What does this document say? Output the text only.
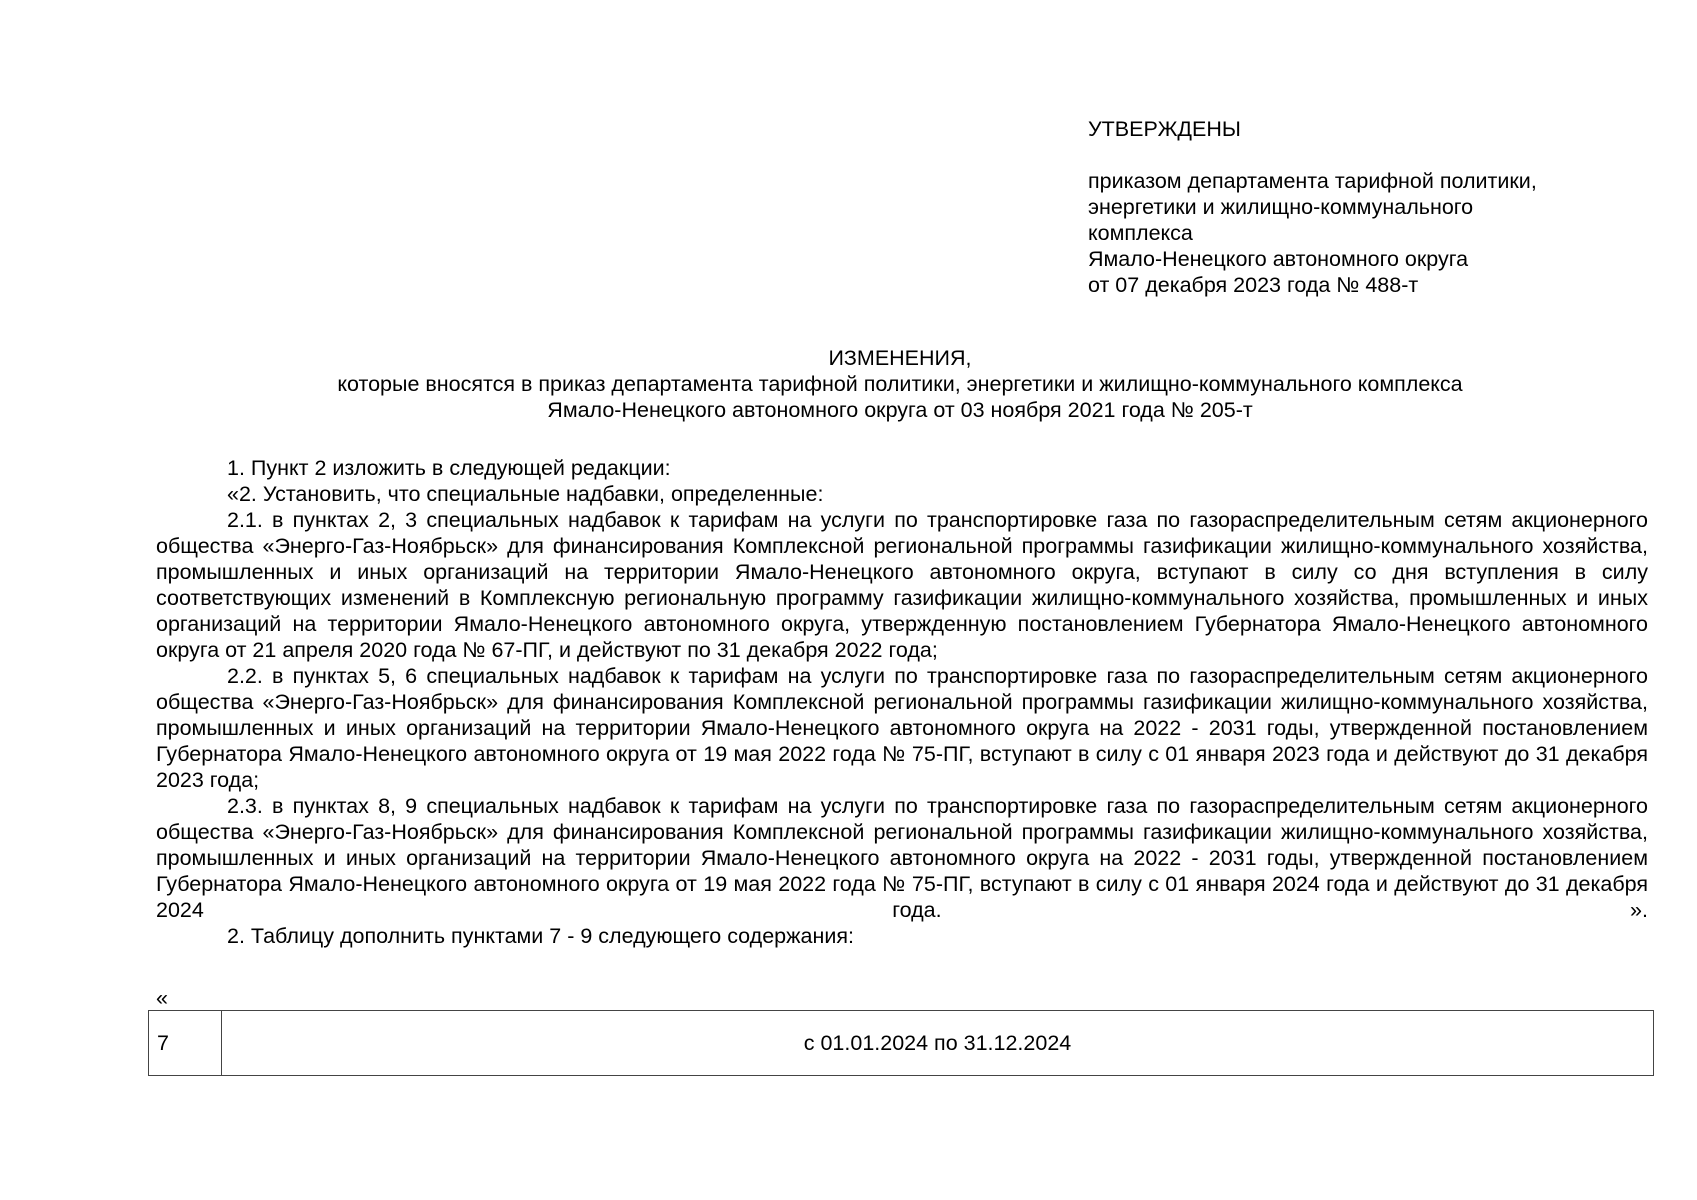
УТВЕРЖДЕНЫ
приказом департамента тарифной политики,
энергетики и жилищно-коммунального
комплекса
Ямало-Ненецкого автономного округа
от 07 декабря 2023 года № 488-т
ИЗМЕНЕНИЯ,
которые вносятся в приказ департамента тарифной политики, энергетики и жилищно-коммунального комплекса
Ямало-Ненецкого автономного округа от 03 ноября 2021 года № 205-т

1. Пункт 2 изложить в следующей редакции:

«2. Установить, что специальные надбавки, определенные:

2.1. в пунктах 2, 3 специальных надбавок к тарифам на услуги по транспортировке газа по газораспределительным сетям акционерного общества «Энерго-Газ-Ноябрьск» для финансирования Комплексной региональной программы газификации жилищно-коммунального хозяйства, промышленных и иных организаций на территории Ямало-Ненецкого автономного округа, вступают в силу со дня вступления в силу соответствующих изменений в Комплексную региональную программу газификации жилищно-коммунального хозяйства, промышленных и иных организаций на территории Ямало-Ненецкого автономного округа, утвержденную постановлением Губернатора Ямало-Ненецкого автономного округа от 21 апреля 2020 года № 67-ПГ, и действуют по 31 декабря 2022 года;

2.2. в пунктах 5, 6 специальных надбавок к тарифам на услуги по транспортировке газа по газораспределительным сетям акционерного общества «Энерго-Газ-Ноябрьск» для финансирования Комплексной региональной программы газификации жилищно-коммунального хозяйства, промышленных и иных организаций на территории Ямало-Ненецкого автономного округа на 2022 - 2031 годы, утвержденной постановлением Губернатора Ямало-Ненецкого автономного округа от 19 мая 2022 года № 75-ПГ, вступают в силу с 01 января 2023 года и действуют до 31 декабря 2023 года;

2.3. в пунктах 8, 9 специальных надбавок к тарифам на услуги по транспортировке газа по газораспределительным сетям акционерного общества «Энерго-Газ-Ноябрьск» для финансирования Комплексной региональной программы газификации жилищно-коммунального хозяйства, промышленных и иных организаций на территории Ямало-Ненецкого автономного округа на 2022 - 2031 годы, утвержденной постановлением Губернатора Ямало-Ненецкого автономного округа от 19 мая 2022 года № 75-ПГ, вступают в силу с 01 января 2024 года и действуют до 31 декабря 2024 года. ».

2. Таблицу дополнить пунктами 7 - 9 следующего содержания:

«
7	с 01.01.2024 по 31.12.2024
